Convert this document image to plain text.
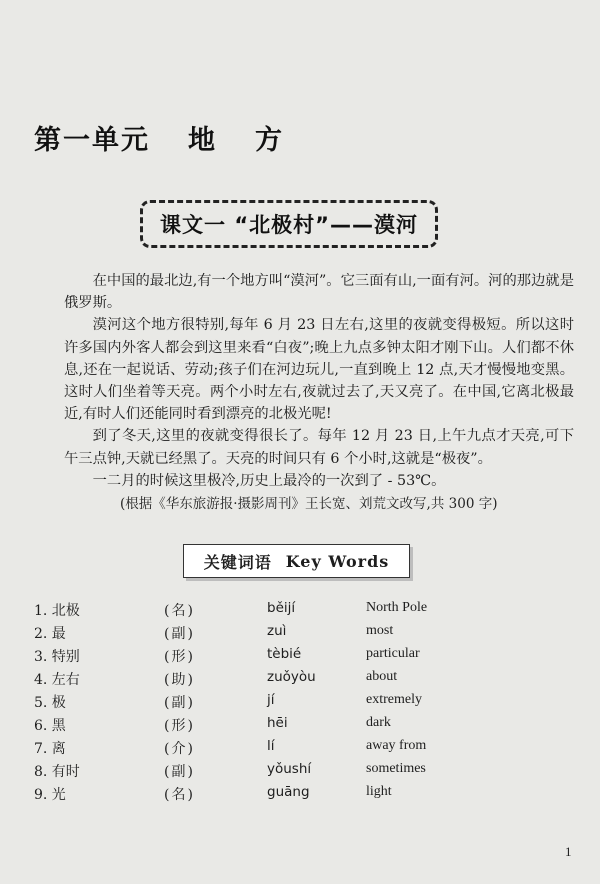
第一单元 地 方
课文一 “北极村”——漠河

在中国的最北边,有一个地方叫“漠河”。它三面有山,一面有河。河的那边就是俄罗斯。

漠河这个地方很特别,每年 6 月 23 日左右,这里的夜就变得极短。所以这时许多国内外客人都会到这里来看“白夜”;晚上九点多钟太阳才刚下山。人们都不休息,还在一起说话、劳动;孩子们在河边玩儿,一直到晚上 12 点,天才慢慢地变黑。这时人们坐着等天亮。两个小时左右,夜就过去了,天又亮了。在中国,它离北极最近,有时人们还能同时看到漂亮的北极光呢!

到了冬天,这里的夜就变得很长了。每年 12 月 23 日,上午九点才天亮,可下午三点钟,天就已经黑了。天亮的时间只有 6 个小时,这就是“极夜”。

一二月的时候这里极冷,历史上最冷的一次到了 - 53℃。

(根据《华东旅游报·摄影周刊》王长宽、刘荒文改写,共 300 字)
关键词语 Key Words
1. 北极	(名)	běijí	North Pole
2. 最	(副)	zuì	most
3. 特别	(形)	tèbié	particular
4. 左右	(助)	zuǒyòu	about
5. 极	(副)	jí	extremely
6. 黑	(形)	hēi	dark
7. 离	(介)	lí	away from
8. 有时	(副)	yǒushí	sometimes
9. 光	(名)	guāng	light
1
